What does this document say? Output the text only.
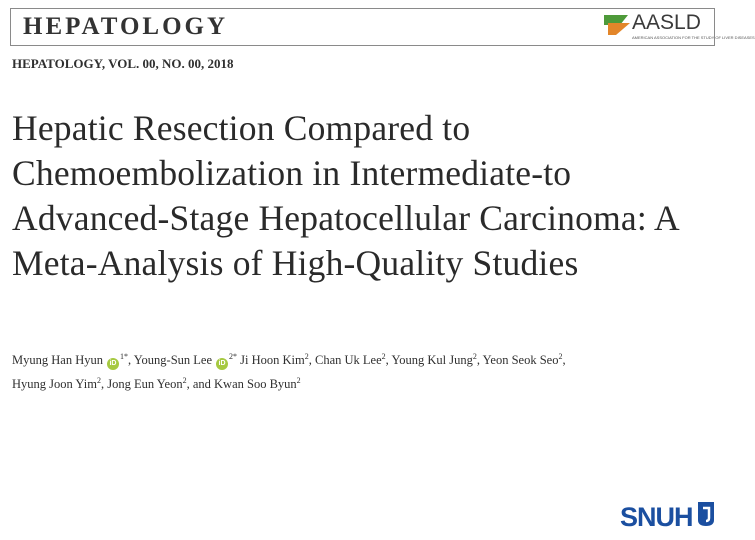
HEPATOLOGY	AASLD
AMERICAN ASSOCIATION FOR THE STUDY OF LIVER DISEASES
HEPATOLOGY, VOL. 00, NO. 00, 2018
Hepatic Resection Compared to Chemoembolization in Intermediate-to Advanced-Stage Hepatocellular Carcinoma: A Meta-Analysis of High-Quality Studies
Myung Han Hyun $iD^{1*}$, Young-Sun Lee $iD^{2*}$ Ji Hoon Kim$^2$, Chan Uk Lee$^2$, Young Kul Jung$^2$, Yeon Seok Seo$^2$,
Hyung Joon Yim$^2$, Jong Eun Yeon$^2$, and Kwan Soo Byun$^2$
SNUH
